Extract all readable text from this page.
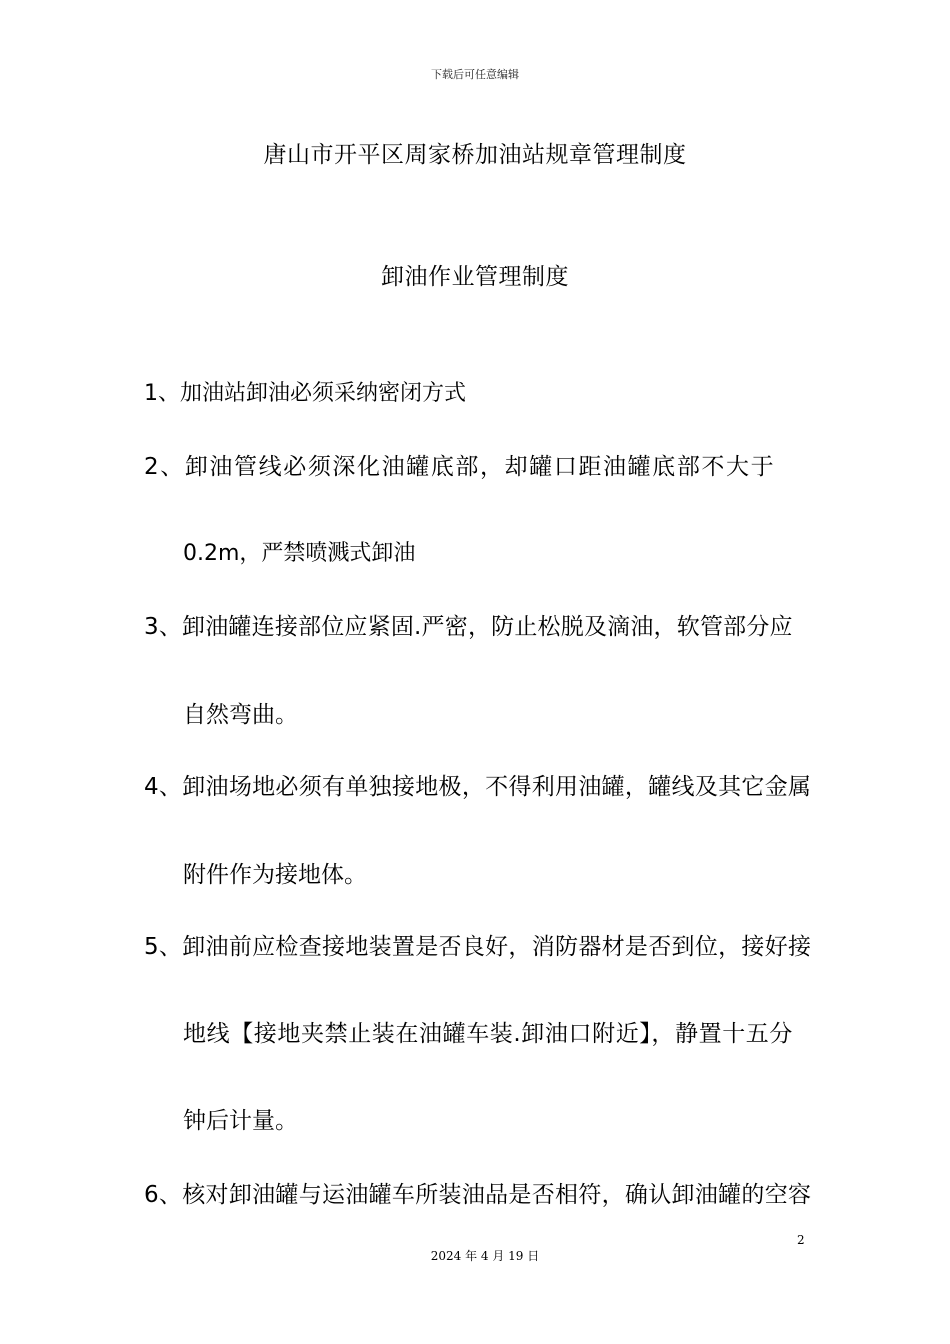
下载后可任意编辑
唐山市开平区周家桥加油站规章管理制度
卸油作业管理制度
1、加油站卸油必须采纳密闭方式
2、卸油管线必须深化油罐底部，却罐口距油罐底部不大于
0.2m，严禁喷溅式卸油
3、卸油罐连接部位应紧固.严密，防止松脱及滴油，软管部分应
自然弯曲。
4、卸油场地必须有单独接地极，不得利用油罐，罐线及其它金属
附件作为接地体。
5、卸油前应检查接地装置是否良好，消防器材是否到位，接好接
地线【接地夹禁止装在油罐车装.卸油口附近】，静置十五分
钟后计量。
6、核对卸油罐与运油罐车所装油品是否相符，确认卸油罐的空容
2
2024 年 4 月 19 日
